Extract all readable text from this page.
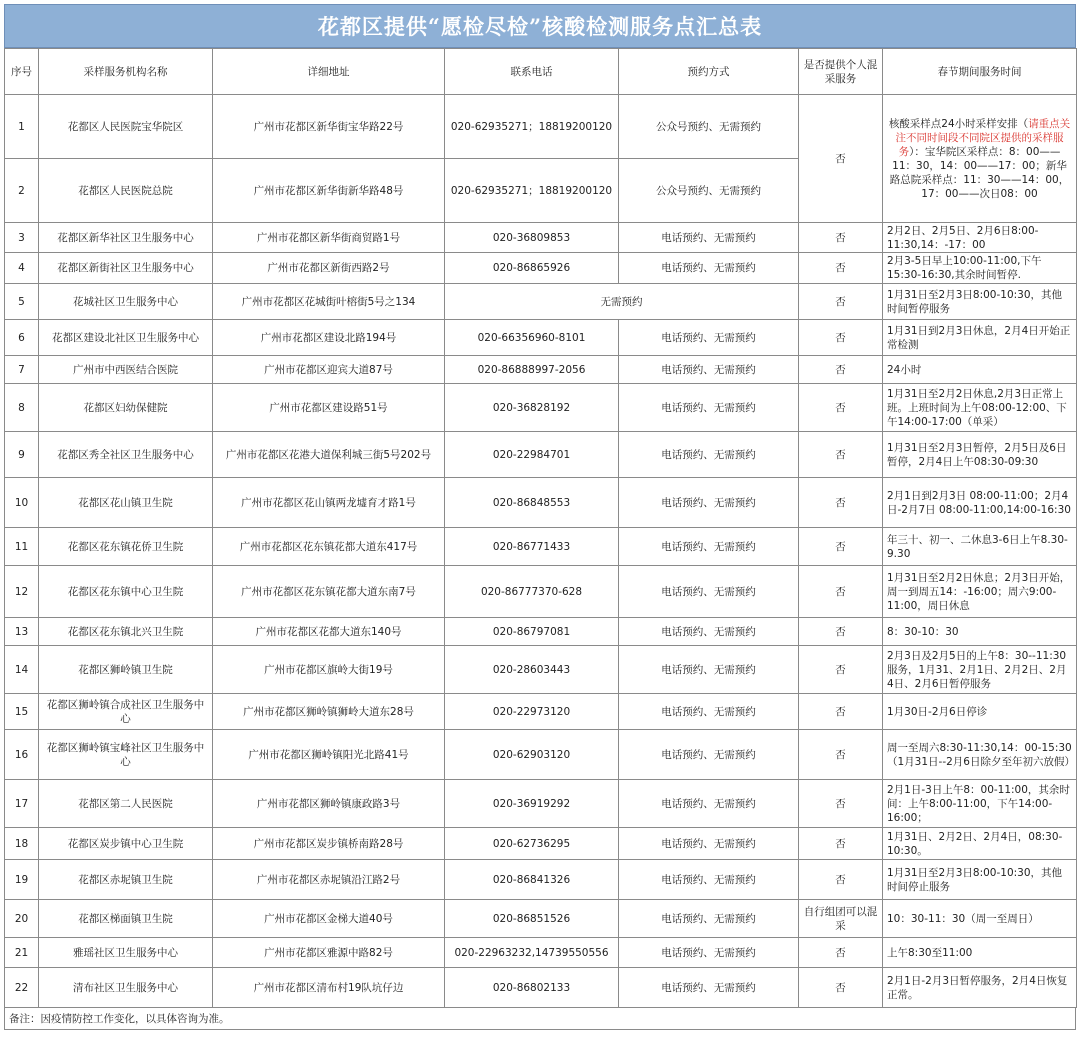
花都区提供“愿检尽检”核酸检测服务点汇总表
序号	采样服务机构名称	详细地址	联系电话	预约方式	是否提供个人混采服务	春节期间服务时间
1	花都区人民医院宝华院区	广州市花都区新华街宝华路22号	020-62935271；18819200120	公众号预约、无需预约	否	核酸采样点24小时采样安排（请重点关注不同时间段不同院区提供的采样服务）：宝华院区采样点：8：00——11：30，14：00——17：00；新华路总院采样点：11：30——14：00，17：00——次日08：00
2	花都区人民医院总院	广州市花都区新华街新华路48号	020-62935271；18819200120	公众号预约、无需预约		
3	花都区新华社区卫生服务中心	广州市花都区新华街商贸路1号	020-36809853	电话预约、无需预约	否	2月2日、2月5日、2月6日8:00-11:30,14：-17：00
4	花都区新街社区卫生服务中心	广州市花都区新街西路2号	020-86865926	电话预约、无需预约	否	2月3-5日早上10:00-11:00,下午15:30-16:30,其余时间暂停.
5	花城社区卫生服务中心	广州市花都区花城街叶榕街5号之134	无需预约		否	1月31日至2月3日8:00-10:30，其他时间暂停服务
6	花都区建设北社区卫生服务中心	广州市花都区建设北路194号	020-66356960-8101	电话预约、无需预约	否	1月31日到2月3日休息，2月4日开始正常检测
7	广州市中西医结合医院	广州市花都区迎宾大道87号	020-86888997-2056	电话预约、无需预约	否	24小时
8	花都区妇幼保健院	广州市花都区建设路51号	020-36828192	电话预约、无需预约	否	1月31日至2月2日休息,2月3日正常上班。上班时间为上午08:00-12:00、下午14:00-17:00（单采）
9	花都区秀全社区卫生服务中心	广州市花都区花港大道保利城三街5号202号	020-22984701	电话预约、无需预约	否	1月31日至2月3日暂停，2月5日及6日暂停，2月4日上午08:30-09:30
10	花都区花山镇卫生院	广州市花都区花山镇两龙墟育才路1号	020-86848553	电话预约、无需预约	否	2月1日到2月3日 08:00-11:00；2月4日-2月7日 08:00-11:00,14:00-16:30
11	花都区花东镇花侨卫生院	广州市花都区花东镇花都大道东417号	020-86771433	电话预约、无需预约	否	年三十、初一、二休息3-6日上午8.30-9.30
12	花都区花东镇中心卫生院	广州市花都区花东镇花都大道东南7号	020-86777370-628	电话预约、无需预约	否	1月31日至2月2日休息；2月3日开始，周一到周五14：-16:00；周六9:00-11:00，周日休息
13	花都区花东镇北兴卫生院	广州市花都区花都大道东140号	020-86797081	电话预约、无需预约	否	8：30-10：30
14	花都区狮岭镇卫生院	广州市花都区旗岭大街19号	020-28603443	电话预约、无需预约	否	2月3日及2月5日的上午8：30--11:30服务，1月31、2月1日、2月2日、2月4日、2月6日暂停服务
15	花都区狮岭镇合成社区卫生服务中心	广州市花都区狮岭镇狮岭大道东28号	020-22973120	电话预约、无需预约	否	1月30日-2月6日停诊
16	花都区狮岭镇宝峰社区卫生服务中心	广州市花都区狮岭镇阳光北路41号	020-62903120	电话预约、无需预约	否	周一至周六8:30-11:30,14：00-15:30（1月31日--2月6日除夕至年初六放假）
17	花都区第二人民医院	广州市花都区狮岭镇康政路3号	020-36919292	电话预约、无需预约	否	2月1日-3日上午8：00-11:00，其余时间：上午8:00-11:00，下午14:00-16:00；
18	花都区炭步镇中心卫生院	广州市花都区炭步镇桥南路28号	020-62736295	电话预约、无需预约	否	1月31日、2月2日、2月4日，08:30-10:30。
19	花都区赤坭镇卫生院	广州市花都区赤坭镇沿江路2号	020-86841326	电话预约、无需预约	否	1月31日至2月3日8:00-10:30，其他时间停止服务
20	花都区梯面镇卫生院	广州市花都区金梯大道40号	020-86851526	电话预约、无需预约	自行组团可以混采	10：30-11：30（周一至周日）
21	雅瑶社区卫生服务中心	广州市花都区雅源中路82号	020-22963232,14739550556	电话预约、无需预约	否	上午8:30至11:00
22	清布社区卫生服务中心	广州市花都区清布村19队坑仔边	020-86802133	电话预约、无需预约	否	2月1日-2月3日暂停服务，2月4日恢复正常。
备注：因疫情防控工作变化，以具体咨询为准。
